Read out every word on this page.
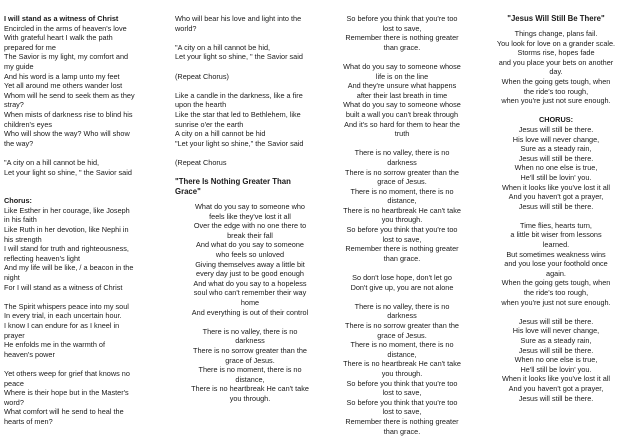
I will stand as a witness of Christ
Encircled in the arms of heaven's love
With grateful heart I walk the path
prepared for me
The Savior is my light, my comfort and
my guide
And his word is a lamp unto my feet
Yet all around me others wander lost
Whom will he send to seek them as they
stray?
When mists of darkness rise to blind his
children's eyes
Who will show the way? Who will show
the way?
"A city on a hill cannot be hid,
Let your light so shine, " the Savior said
Chorus:
Like Esther in her courage, like Joseph
in his faith
Like Ruth in her devotion, like Nephi in
his strength
I will stand for truth and righteousness,
reflecting heaven's light
And my life will be like, / a beacon in the
night
For I will stand as a witness of Christ
The Spirit whispers peace into my soul
In every trial, in each uncertain hour.
I know I can endure for as I kneel in
prayer
He enfolds me in the warmth of
heaven's power
Yet others weep for grief that knows no
peace
Where is their hope but in the Master's
word?
What comfort will he send to heal the
hearts of men?
Who will bear his love and light into the
world?
"A city on a hill cannot be hid,
Let your light so shine, " the Savior said
(Repeat Chorus)
Like a candle in the darkness, like a fire
upon the hearth
Like the star that led to Bethlehem, like
sunrise o'er the earth
A city on a hill cannot be hid
"Let your light so shine," the Savior said
(Repeat Chorus
"There Is Nothing Greater Than
Grace"
What do you say to someone who
feels like they've lost it all
Over the edge with no one there to
break their fall
And what do you say to someone
who feels so unloved
Giving themselves away a little bit
every day just to be good enough
And what do you say to a hopeless
soul who can't remember their way
home
And everything is out of their control
There is no valley, there is no
darkness
There is no sorrow greater than the
grace of Jesus.
There is no moment, there is no
distance,
There is no heartbreak He can't take
you through.
So before you think that you're too
lost to save,
Remember there is nothing greater
than grace.
What do you say to someone whose
life is on the line
And they're unsure what happens
after their last breath in time
What do you say to someone whose
built a wall you can't break through
And it's so hard for them to hear the
truth
There is no valley, there is no
darkness
There is no sorrow greater than the
grace of Jesus.
There is no moment, there is no
distance,
There is no heartbreak He can't take
you through.
So before you think that you're too
lost to save,
Remember there is nothing greater
than grace.
So don't lose hope, don't let go
Don't give up, you are not alone
There is no valley, there is no
darkness
There is no sorrow greater than the
grace of Jesus.
There is no moment, there is no
distance,
There is no heartbreak He can't take
you through.
So before you think that you're too
lost to save,
So before you think that you're too
lost to save,
Remember there is nothing greater
than grace.
"Jesus Will Still Be There"
Things change, plans fail.
You look for love on a grander scale.
Storms rise, hopes fade
and you place your bets on another
day.
When the going gets tough, when
the ride's too rough,
when you're just not sure enough.
CHORUS:
Jesus will still be there.
His love will never change,
Sure as a steady rain,
Jesus will still be there.
When no one else is true,
He'll still be lovin' you.
When it looks like you've lost it all
And you haven't got a prayer,
Jesus will still be there.
Time flies, hearts turn,
a little bit wiser from lessons
learned.
But sometimes weakness wins
and you lose your foothold once
again.
When the going gets tough, when
the ride's too rough,
when you're just not sure enough.
Jesus will still be there.
His love will never change,
Sure as a steady rain,
Jesus will still be there.
When no one else is true,
He'll still be lovin' you.
When it looks like you've lost it all
And you haven't got a prayer,
Jesus will still be there.
